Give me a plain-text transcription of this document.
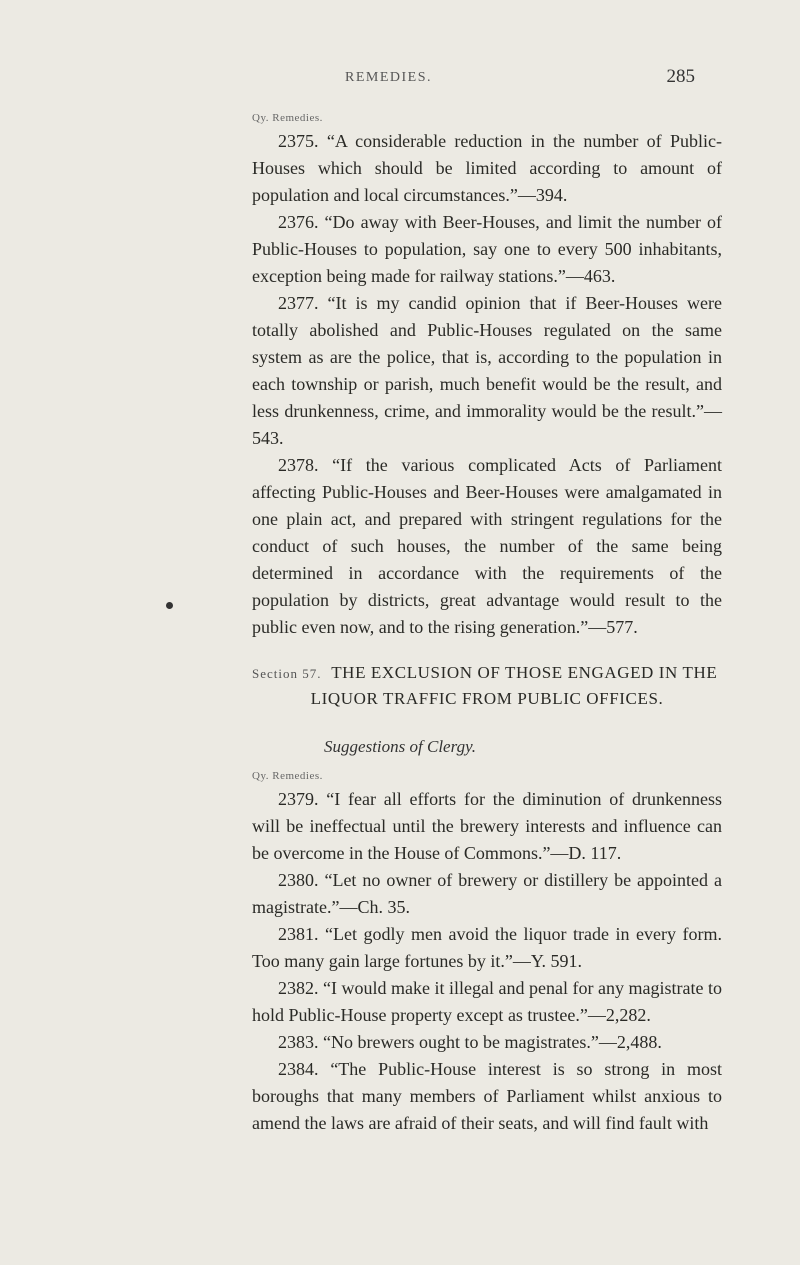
REMEDIES.	285

Qy. Remedies.

2375. “A considerable reduction in the number of Public-Houses which should be limited according to amount of population and local circumstances.”—394.

2376. “Do away with Beer-Houses, and limit the number of Public-Houses to population, say one to every 500 inhabitants, exception being made for railway stations.”—463.

2377. “It is my candid opinion that if Beer-Houses were totally abolished and Public-Houses regulated on the same system as are the police, that is, according to the population in each township or parish, much benefit would be the result, and less drunkenness, crime, and immorality would be the result.”—543.

2378. “If the various complicated Acts of Parliament affecting Public-Houses and Beer-Houses were amalgamated in one plain act, and prepared with stringent regulations for the conduct of such houses, the number of the same being determined in accordance with the requirements of the population by districts, great advantage would result to the public even now, and to the rising generation.”—577.

Section 57. THE EXCLUSION OF THOSE ENGAGED IN THE
LIQUOR TRAFFIC FROM PUBLIC OFFICES.
Suggestions of Clergy.

Qy. Remedies.

2379. “I fear all efforts for the diminution of drunkenness will be ineffectual until the brewery interests and influence can be overcome in the House of Commons.”—D. 117.

2380. “Let no owner of brewery or distillery be appointed a magistrate.”—Ch. 35.

2381. “Let godly men avoid the liquor trade in every form. Too many gain large fortunes by it.”—Y. 591.

2382. “I would make it illegal and penal for any magistrate to hold Public-House property except as trustee.”—2,282.

2383. “No brewers ought to be magistrates.”—2,488.

2384. “The Public-House interest is so strong in most boroughs that many members of Parliament whilst anxious to amend the laws are afraid of their seats, and will find fault with
